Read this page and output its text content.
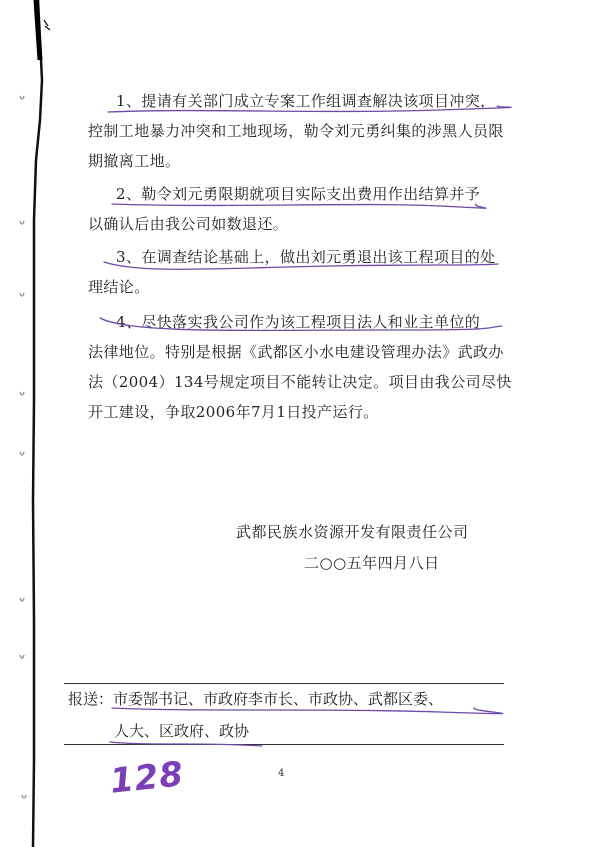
1、提请有关部门成立专案工作组调查解决该项目冲突，
控制工地暴力冲突和工地现场，勒令刘元勇纠集的涉黑人员限
期撤离工地。
2、勒令刘元勇限期就项目实际支出费用作出结算并予
以确认后由我公司如数退还。
3、在调查结论基础上，做出刘元勇退出该工程项目的处
理结论。
4、尽快落实我公司作为该工程项目法人和业主单位的
法律地位。特别是根据《武都区小水电建设管理办法》武政办
法（2004）134号规定项目不能转让决定。项目由我公司尽快
开工建设，争取2006年7月1日投产运行。
武都民族水资源开发有限责任公司
二○○五年四月八日
报送：市委郜书记、市政府李市长、市政协、武都区委、
人大、区政府、政协
128	4
